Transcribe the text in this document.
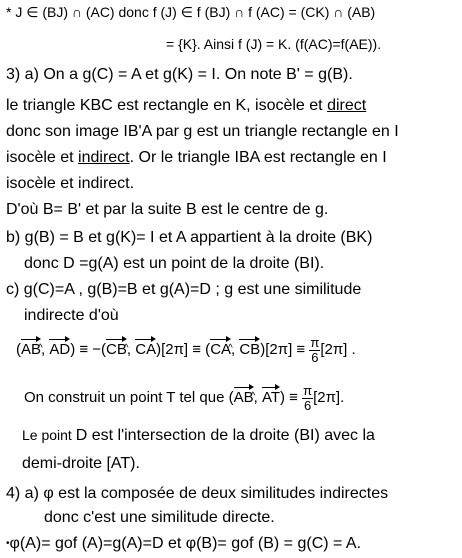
* J ∈ (BJ) ∩ (AC) donc f (J) ∈ f (BJ) ∩ f (AC) = (CK) ∩ (AB)
= {K}. Ainsi f (J) = K. (f(AC)=f(AE)).
3) a) On a g(C) = A et g(K) = I. On note B' = g(B).
le triangle KBC est rectangle en K, isocèle et direct
donc son image IB'A par g est un triangle rectangle en I
isocèle et indirect. Or le triangle IBA est rectangle en I
isocèle et indirect.
D'où B= B' et par la suite B est le centre de g.
b) g(B) = B et g(K)= I et A appartient à la droite (BK)
donc D =g(A) est un point de la droite (BI).
c) g(C)=A , g(B)=B et g(A)=D ; g est une similitude
indirecte d'où
(AB, AD) ≡ −(CB, CA)[2π] ≡ (CA, $CB)[2\pi] \equiv \frac{\pi}{6} [2\pi]$ .
On construit un point T tel que (AB, $AT) \equiv \frac{\pi}{6} [2\pi]$.
Le point D est l'intersection de la droite (BI) avec la
demi-droite [AT).
4) a) φ est la composée de deux similitudes indirectes
donc c'est une similitude directe.
•φ(A)= gof (A)=g(A)=D et φ(B)= gof (B) = g(C) = A.
